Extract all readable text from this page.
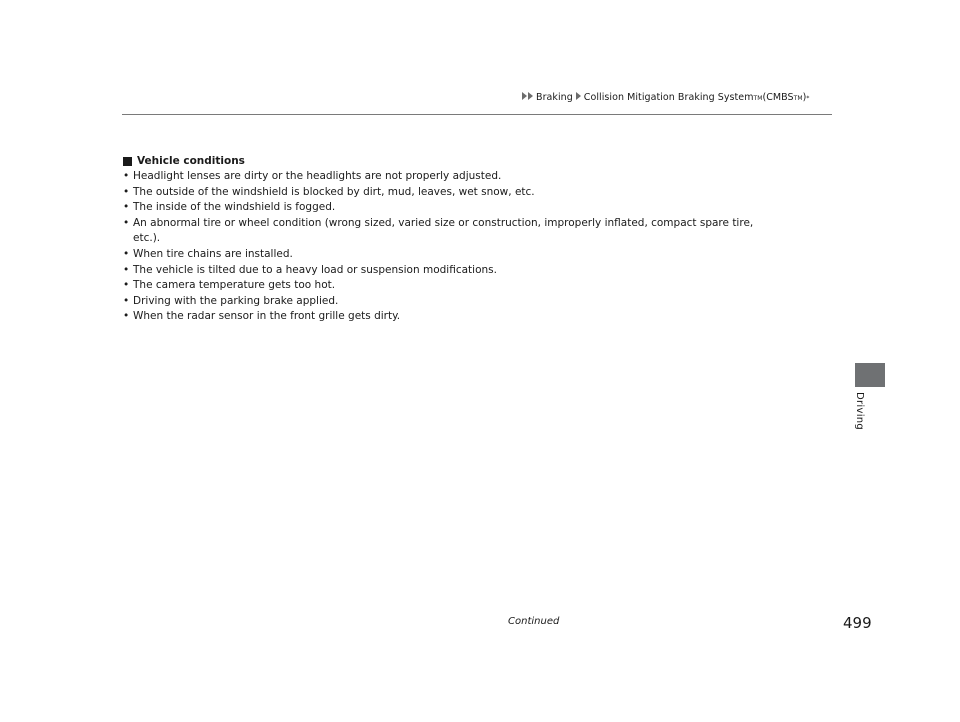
Braking Collision Mitigation Braking System TM (CMBS TM ) *
Vehicle conditions
• Headlight lenses are dirty or the headlights are not properly adjusted.
• The outside of the windshield is blocked by dirt, mud, leaves, wet snow, etc.
• The inside of the windshield is fogged.
• An abnormal tire or wheel condition (wrong sized, varied size or construction, improperly inflated, compact spare tire, etc.).
• When tire chains are installed.
• The vehicle is tilted due to a heavy load or suspension modifications.
• The camera temperature gets too hot.
• Driving with the parking brake applied.
• When the radar sensor in the front grille gets dirty.
Driving
Continued	499
